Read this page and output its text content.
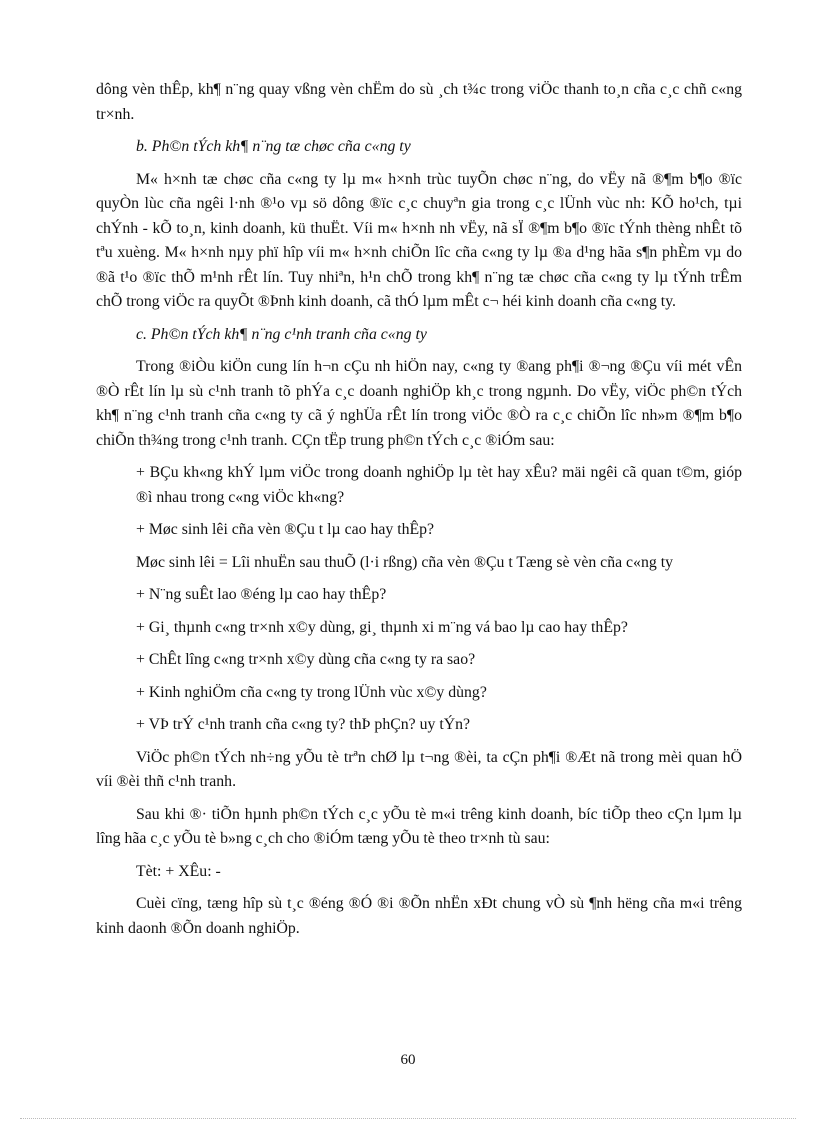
dông vèn thÊp, kh¶ n¨ng quay vßng vèn chËm do sù ¸ch t¾c trong viÖc thanh to¸n cña c¸c chñ c«ng tr×nh.

b. Ph©n tÝch kh¶ n¨ng tæ chøc cña c«ng ty

M« h×nh tæ chøc cña c«ng ty lµ m« h×nh trùc tuyÕn chøc n¨ng, do vËy nã ®¶m b¶o ®ïc quyÒn lùc cña ngêi l·nh ®¹o vµ sö dông ®ïc c¸c chuyªn gia trong c¸c lÜnh vùc nh: KÕ ho¹ch, tµi chÝnh - kÕ to¸n, kinh doanh, kü thuËt. Víi m« h×nh nh vËy, nã sÏ ®¶m b¶o ®ïc tÝnh thèng nhÊt tõ tªu xuèng. M« h×nh nµy phï hîp víi m« h×nh chiÕn lîc cña c«ng ty lµ ®a d¹ng hãa s¶n phÈm vµ do ®ã t¹o ®ïc thÕ m¹nh rÊt lín. Tuy nhiªn, h¹n chÕ trong kh¶ n¨ng tæ chøc cña c«ng ty lµ tÝnh trÊm chÕ trong viÖc ra quyÕt ®Þnh kinh doanh, cã thÓ lµm mÊt c¬ héi kinh doanh cña c«ng ty.

c. Ph©n tÝch kh¶ n¨ng c¹nh tranh cña c«ng ty

Trong ®iÒu kiÖn cung lín h¬n cÇu nh hiÖn nay, c«ng ty ®ang ph¶i ®¬ng ®Çu víi mét vÊn ®Ò rÊt lín lµ sù c¹nh tranh tõ phÝa c¸c doanh nghiÖp kh¸c trong ngµnh. Do vËy, viÖc ph©n tÝch kh¶ n¨ng c¹nh tranh cña c«ng ty cã ý nghÜa rÊt lín trong viÖc ®Ò ra c¸c chiÕn lîc nh»m ®¶m b¶o chiÕn th¾ng trong c¹nh tranh. CÇn tËp trung ph©n tÝch c¸c ®iÓm sau:

+ BÇu kh«ng khÝ lµm viÖc trong doanh nghiÖp lµ tèt hay xÊu? mäi ngêi cã quan t©m, gióp ®ì nhau trong c«ng viÖc kh«ng?

+ Møc sinh lêi cña vèn ®Çu t lµ cao hay thÊp?

Møc sinh lêi = Lîi nhuËn sau thuÕ (l·i rßng) cña vèn ®Çu t Tæng sè vèn cña c«ng ty

+ N¨ng suÊt lao ®éng lµ cao hay thÊp?

+ Gi¸ thµnh c«ng tr×nh x©y dùng, gi¸ thµnh xi m¨ng vá bao lµ cao hay thÊp?

+ ChÊt lîng c«ng tr×nh x©y dùng cña c«ng ty ra sao?

+ Kinh nghiÖm cña c«ng ty trong lÜnh vùc x©y dùng?

+ VÞ trÝ c¹nh tranh cña c«ng ty? thÞ phÇn? uy tÝn?

ViÖc ph©n tÝch nh÷ng yÕu tè trªn chØ lµ t¬ng ®èi, ta cÇn ph¶i ®Æt nã trong mèi quan hÖ víi ®èi thñ c¹nh tranh.

Sau khi ®· tiÕn hµnh ph©n tÝch c¸c yÕu tè m«i trêng kinh doanh, bíc tiÕp theo cÇn lµm lµ lîng hãa c¸c yÕu tè b»ng c¸ch cho ®iÓm tæng yÕu tè theo tr×nh tù sau:

Tèt: + XÊu: -

Cuèi cïng, tæng hîp sù t¸c ®éng ®Ó ®i ®Õn nhËn xÐt chung vÒ sù ¶nh hëng cña m«i trêng kinh daonh ®Õn doanh nghiÖp.

60
